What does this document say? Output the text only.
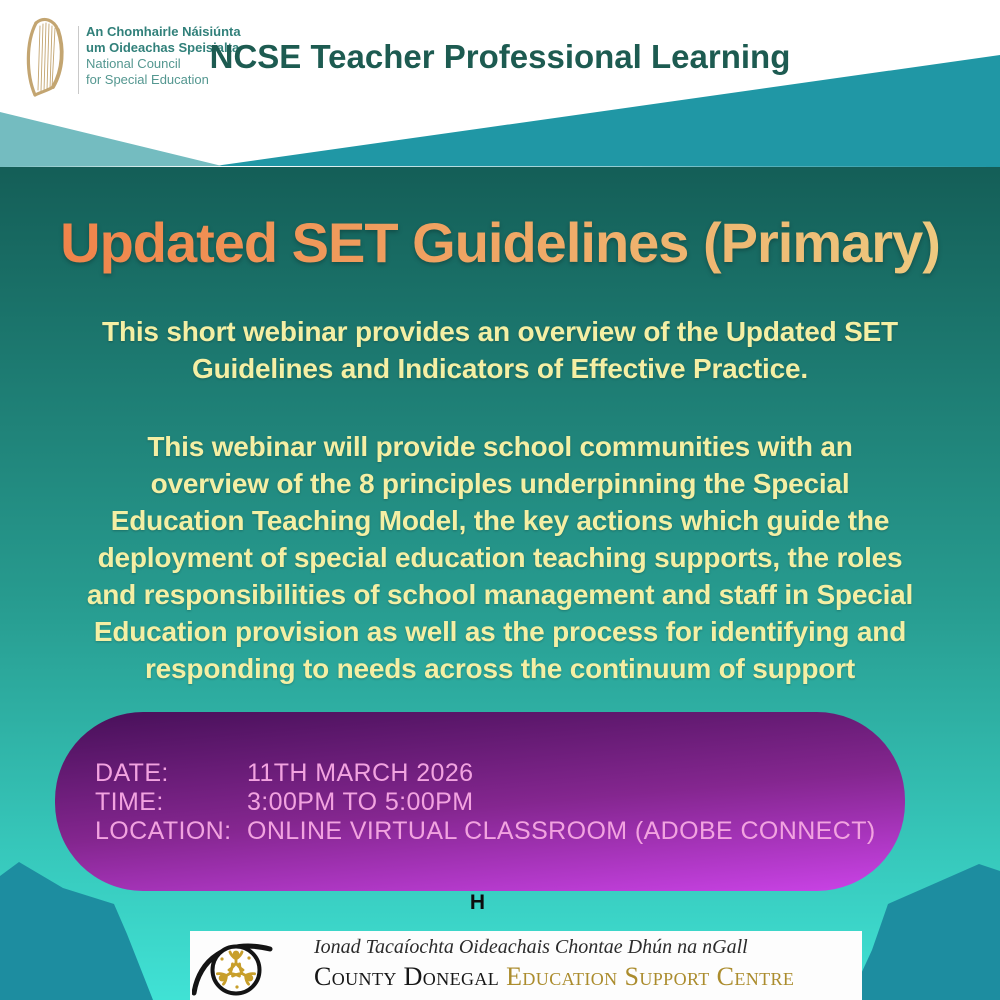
An Chomhairle Náisiúnta
um Oideachas Speisialta
National Council
for Special Education
NCSE Teacher Professional Learning
Updated SET Guidelines (Primary)
This short webinar provides an overview of the Updated SET
Guidelines and Indicators of Effective Practice.
This webinar will provide school communities with an
overview of the 8 principles underpinning the Special
Education Teaching Model, the key actions which guide the
deployment of special education teaching supports, the roles
and responsibilities of school management and staff in Special
Education provision as well as the process for identifying and
responding to needs across the continuum of support
DATE:	11TH MARCH 2026
TIME:	3:00PM TO 5:00PM
LOCATION: ONLINE VIRTUAL CLASSROOM (ADOBE CONNECT)
H
Ionad Tacaíochta Oideachais Chontae Dhún na nGall
County Donegal Education Support Centre
